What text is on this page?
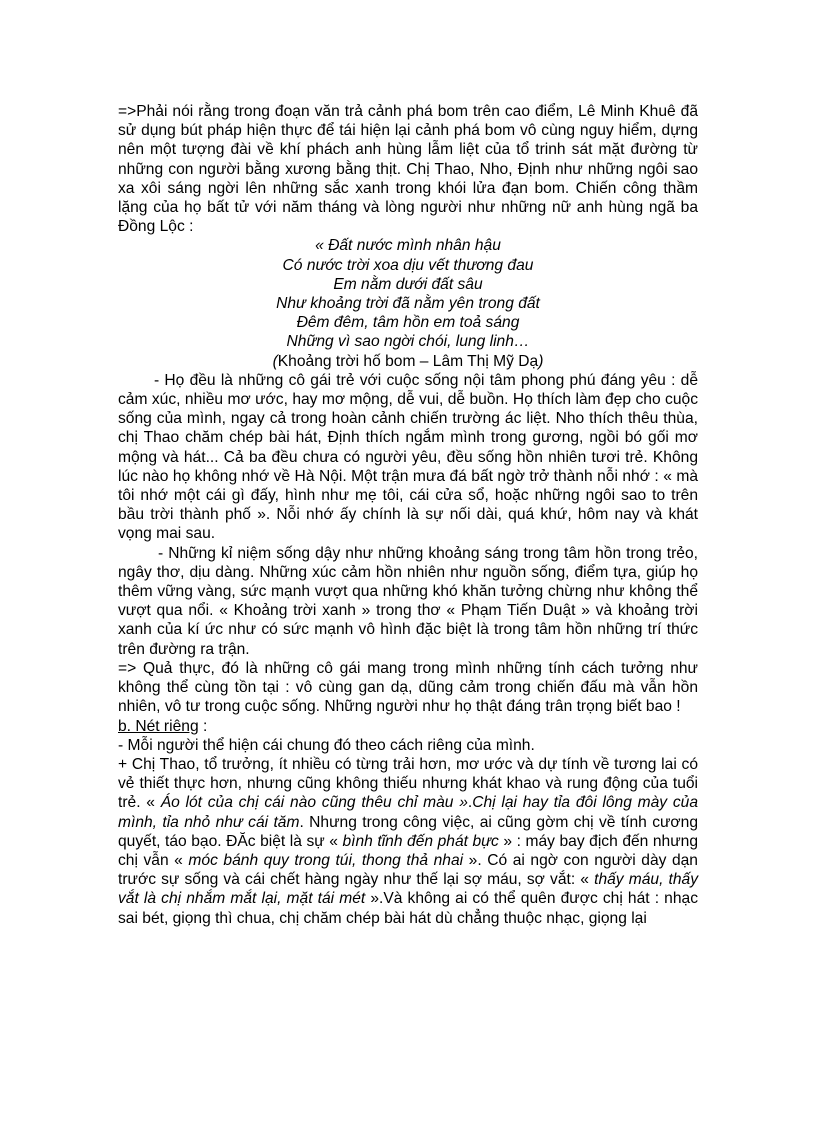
=>Phải nói rằng trong đoạn văn trả cảnh phá bom trên cao điểm, Lê Minh Khuê đã sử dụng bút pháp hiện thực để tái hiện lại cảnh phá bom vô cùng nguy hiểm, dựng nên một tượng đài về khí phách anh hùng lẫm liệt của tổ trinh sát mặt đường từ những con người bằng xương bằng thịt. Chị Thao, Nho, Định như những ngôi sao xa xôi sáng ngời lên những sắc xanh trong khói lửa đạn bom. Chiến công thầm lặng của họ bất tử với năm tháng và lòng người như những nữ anh hùng ngã ba Đồng Lộc :

« Đất nước mình nhân hậu
Có nước trời xoa dịu vết thương đau
Em nằm dưới đất sâu
Như khoảng trời đã nằm yên trong đất
Đêm đêm, tâm hồn em toả sáng
Những vì sao ngời chói, lung linh…

(Khoảng trời hố bom – Lâm Thị Mỹ Dạ)

- Họ đều là những cô gái trẻ với cuộc sống nội tâm phong phú đáng yêu : dễ cảm xúc, nhiều mơ ước, hay mơ mộng, dễ vui, dễ buồn. Họ thích làm đẹp cho cuộc sống của mình, ngay cả trong hoàn cảnh chiến trường ác liệt. Nho thích thêu thùa, chị Thao chăm chép bài hát, Định thích ngắm mình trong gương, ngồi bó gối mơ mộng và hát... Cả ba đều chưa có người yêu, đều sống hồn nhiên tươi trẻ. Không lúc nào họ không nhớ về Hà Nội. Một trận mưa đá bất ngờ trở thành nỗi nhớ : « mà tôi nhớ một cái gì đấy, hình như mẹ tôi, cái cửa sổ, hoặc những ngôi sao to trên bầu trời thành phố ». Nỗi nhớ ấy chính là sự nối dài, quá khứ, hôm nay và khát vọng mai sau.

- Những kỉ niệm sống dậy như những khoảng sáng trong tâm hồn trong trẻo, ngây thơ, dịu dàng. Những xúc cảm hồn nhiên như nguồn sống, điểm tựa, giúp họ thêm vững vàng, sức mạnh vượt qua những khó khăn tưởng chừng như không thể vượt qua nổi. « Khoảng trời xanh » trong thơ « Phạm Tiến Duật » và khoảng trời xanh của kí ức như có sức mạnh vô hình đặc biệt là trong tâm hồn những trí thức trên đường ra trận.

=> Quả thực, đó là những cô gái mang trong mình những tính cách tưởng như không thể cùng tồn tại : vô cùng gan dạ, dũng cảm trong chiến đấu mà vẫn hồn nhiên, vô tư trong cuộc sống. Những người như họ thật đáng trân trọng biết bao !

b. Nét riêng :

- Mỗi người thể hiện cái chung đó theo cách riêng của mình.

+ Chị Thao, tổ trưởng, ít nhiều có từng trải hơn, mơ ước và dự tính về tương lai có vẻ thiết thực hơn, nhưng cũng không thiếu nhưng khát khao và rung động của tuổi trẻ. « Áo lót của chị cái nào cũng thêu chỉ màu ».Chị lại hay tỉa đôi lông mày của mình, tỉa nhỏ như cái tăm. Nhưng trong công việc, ai cũng gờm chị về tính cương quyết, táo bạo. ĐĂc biệt là sự « bình tĩnh đến phát bực » : máy bay địch đến nhưng chị vẫn « móc bánh quy trong túi, thong thả nhai ». Có ai ngờ con người dày dạn trước sự sống và cái chết hàng ngày như thế lại sợ máu, sợ vắt: « thấy máu, thấy vắt là chị nhắm mắt lại, mặt tái mét ».Và không ai có thể quên được chị hát : nhạc sai bét, giọng thì chua, chị chăm chép bài hát dù chẳng thuộc nhạc, giọng lại
